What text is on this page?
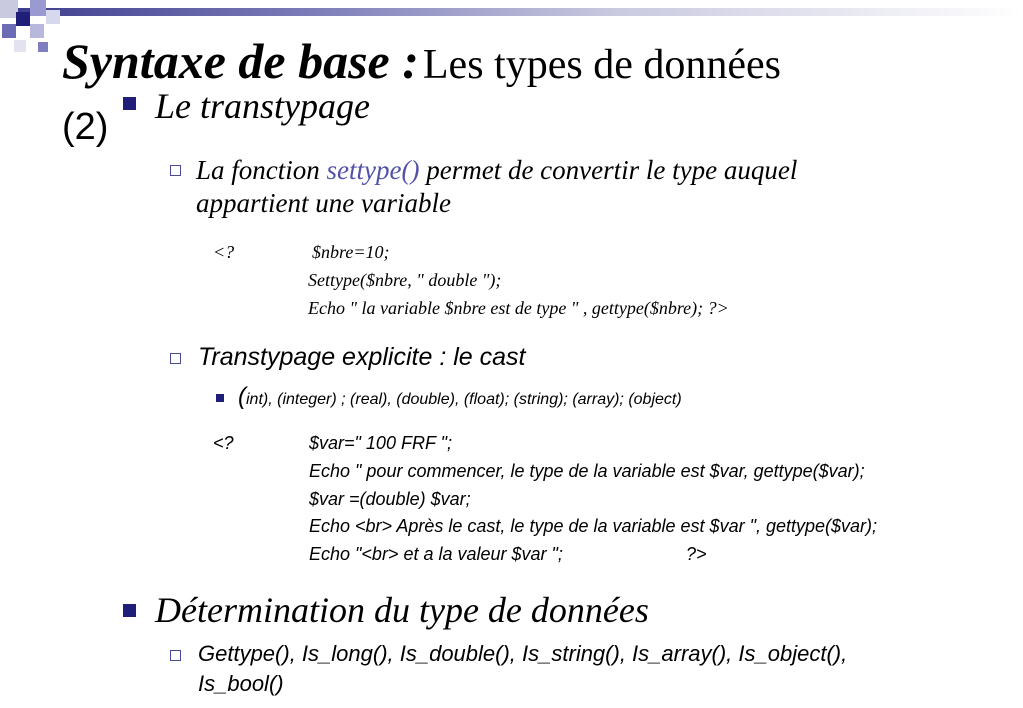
Syntaxe de base : Les types de données
(2) Le transtypage
La fonction settype() permet de convertir le type auquel
appartient une variable
<?	$nbre=10;
Settype($nbre, " double ");
Echo " la variable $nbre est de type " , gettype($nbre); ?>
Transtypage explicite : le cast
(int), (integer) ; (real), (double), (float); (string); (array); (object)
<?	$var=" 100 FRF ";
Echo " pour commencer, le type de la variable est $var, gettype($var);
$var =(double) $var;
Echo <br> Après le cast, le type de la variable est $var ", gettype($var);
Echo "<br> et a la valeur $var ";	?>
Détermination du type de données
Gettype(), Is_long(), Is_double(), Is_string(), Is_array(), Is_object(),
Is_bool()
